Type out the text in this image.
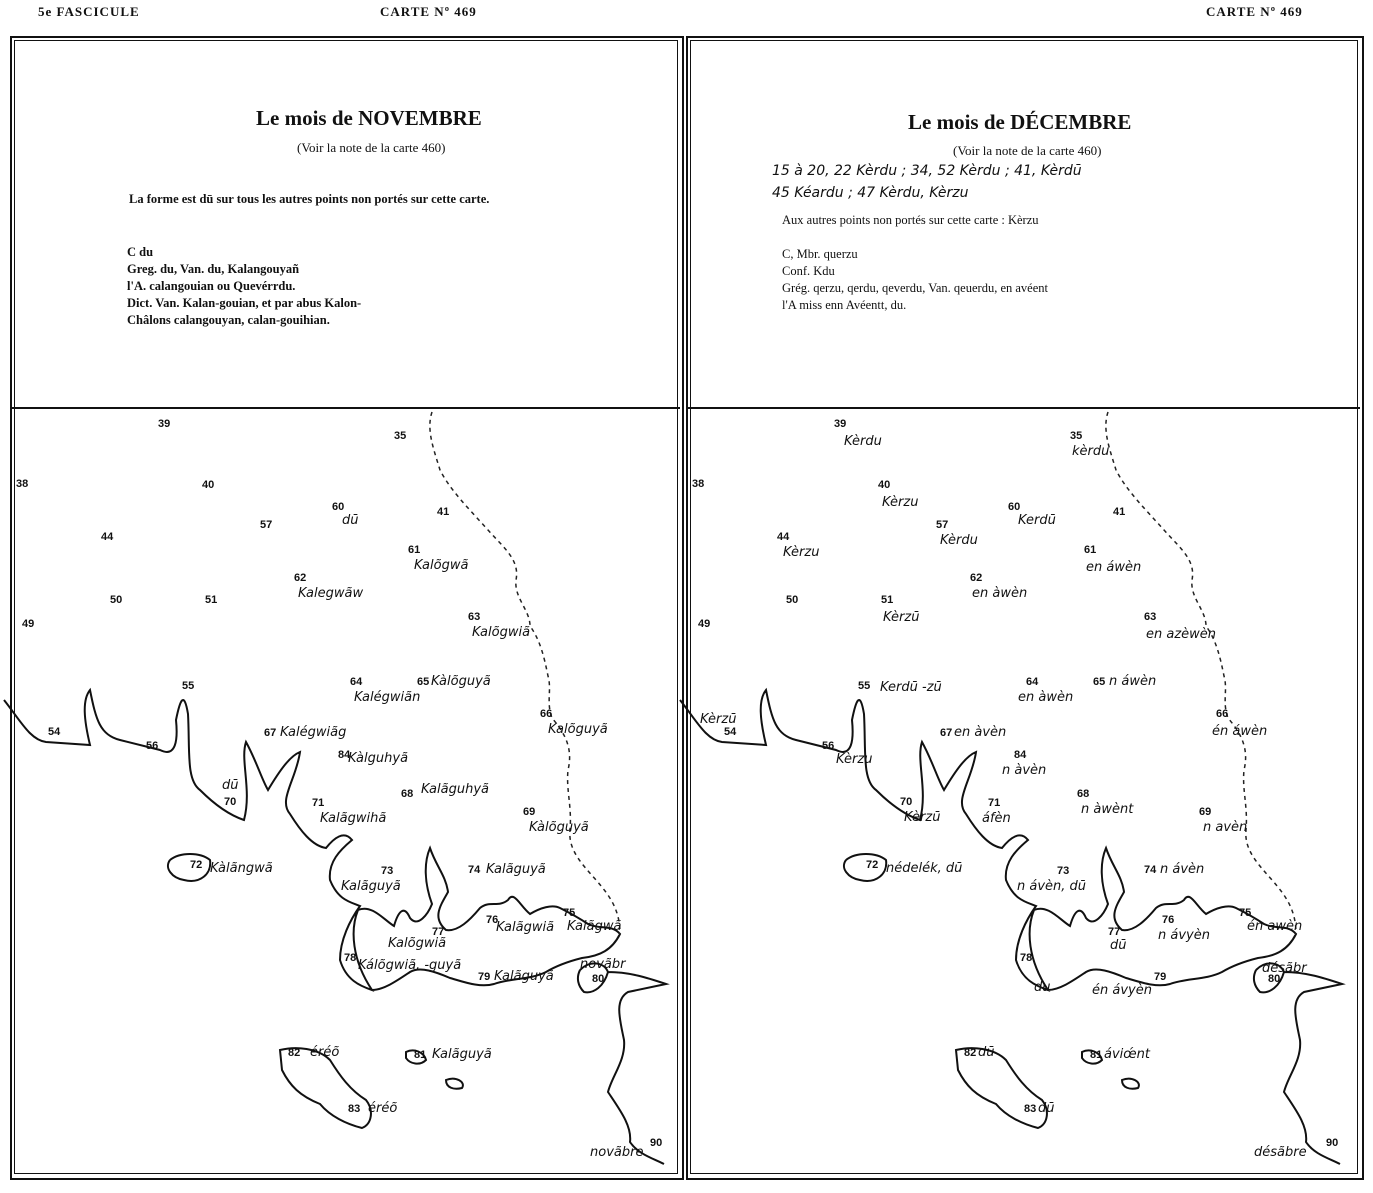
5e FASCICULE	CARTE Nº 469	CARTE Nº 469
Le mois de NOVEMBRE
(Voir la note de la carte 460)
La forme est dū sur tous les autres points non portés sur cette carte.
C du
Greg. du, Van. du, Kalangouyañ
l'A. calangouian ou Quevérrdu.
Dict. Van. Kalan-gouian, et par abus Kalon-
Châlons calangouyan, calan-gouihian.
Le mois de DÉCEMBRE
(Voir la note de la carte 460)
15 à 20, 22 Kèrdu ; 34, 52 Kèrdu ; 41, Kèrdū
45 Kéardu ; 47 Kèrdu, Kèrzu
Aux autres points non portés sur cette carte : Kèrzu
C, Mbr. querzu
Conf. Kdu
Grég. qerzu, qerdu, qeverdu, Van. qeuerdu, en avéent
l'A miss enn Avéentt, du.
39
35
38	40
60
dū
41
57
44
61
Kalõgwã
62
Kalegwãw
50	51
63
Kalõgwiã
49
55	64
Kalégwiãn
65 Kàlõguyã
54
56
66
Kalõguyã
67 Kalégwiãg
84
Kàlguhyã
70
dū
68 Kalãguhyã
71
Kalãgwihã	69
Kàlõguyã
72 Kàlãngwã	73
Kalãguyã
74 Kalãguyã
76
Kalãgwiã
75
Kalãgwã
77
Kalõgwiã
78 Kálõgwiã, -guyã
79 Kalãguyã	80
novãbr
82 éréõ	81 Kalãguyã
83 éréõ
90
novãbre
39
Kèrdu	35
kèrdu
38	40
Kèrzu	60
Kerdū
41
57
Kèrdu
44
Kèrzu	61
en áwèn
62
en àwèn
50	51
Kèrzū	63
en azèwèn
49
55 Kerdū -zū	64
en àwèn
65 n áwèn
54
Kèrzū
56
Kèrzu
66
én áwèn
67 en àvèn
84
n àvèn
70
Kèrzū
68
n àwènt
71
áfèn	69
n avèn
72 nédelék, dū	73
n ávèn, dū
74 n ávèn
76
n ávyèn
75
én awèn
77
dū
78
du
79
én ávyèn
80
désãbr
82 dū	81 áviœ́nt
83 dū
90
désãbre
